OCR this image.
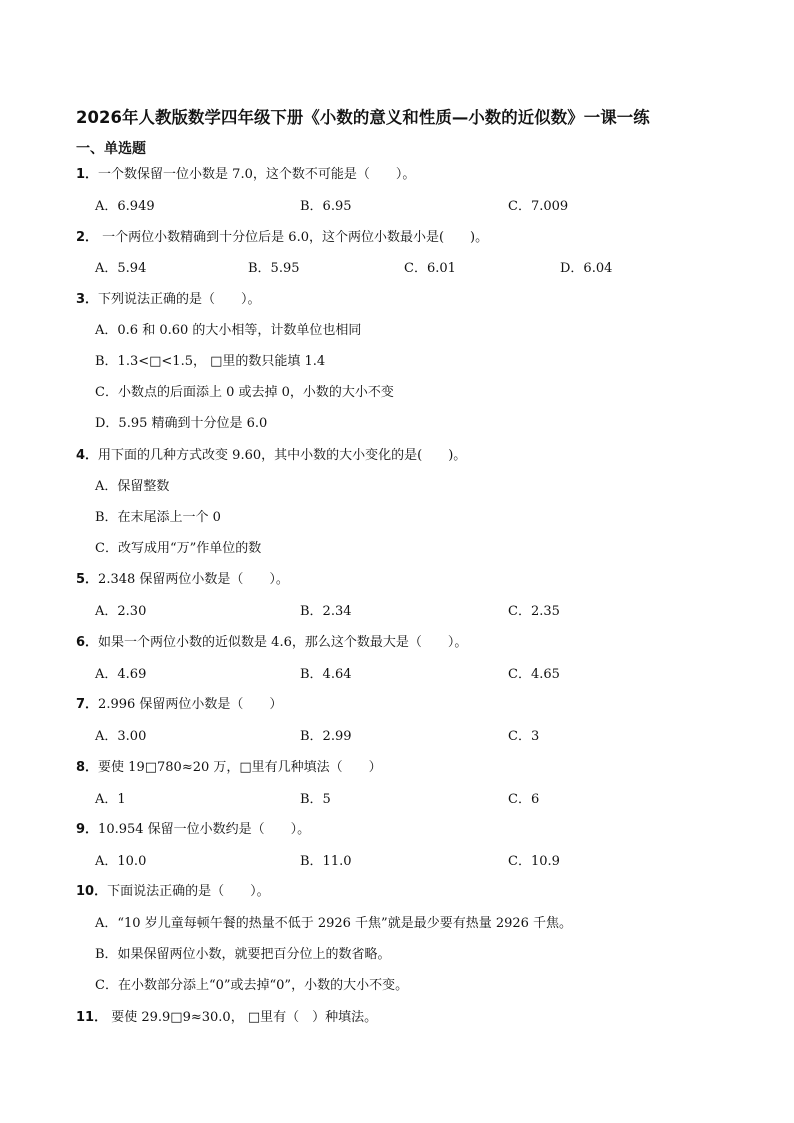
2026年人教版数学四年级下册《小数的意义和性质—小数的近似数》一课一练
一、单选题
1．一个数保留一位小数是 7.0，这个数不可能是（　　）。
A．6.949	B．6.95	C．7.009
2． 一个两位小数精确到十分位后是 6.0，这个两位小数最小是(　　)。
A．5.94	B．5.95	C．6.01	D．6.04
3．下列说法正确的是（　　）。
A．0.6 和 0.60 的大小相等，计数单位也相同
B．1.3<□<1.5， □里的数只能填 1.4
C．小数点的后面添上 0 或去掉 0，小数的大小不变
D．5.95 精确到十分位是 6.0
4．用下面的几种方式改变 9.60，其中小数的大小变化的是(　　)。
A．保留整数
B．在末尾添上一个 0
C．改写成用“万”作单位的数
5．2.348 保留两位小数是（　　）。
A．2.30	B．2.34	C．2.35
6．如果一个两位小数的近似数是 4.6，那么这个数最大是（　　）。
A．4.69	B．4.64	C．4.65
7．2.996 保留两位小数是（　　）
A．3.00	B．2.99	C．3
8．要使 19□780≈20 万，□里有几种填法（　　）
A．1	B．5	C．6
9．10.954 保留一位小数约是（　　）。
A．10.0	B．11.0	C．10.9
10．下面说法正确的是（　　）。
A．“10 岁儿童每顿午餐的热量不低于 2926 千焦”就是最少要有热量 2926 千焦。
B．如果保留两位小数，就要把百分位上的数省略。
C．在小数部分添上“0”或去掉“0”，小数的大小不变。
11． 要使 29.9□9≈30.0， □里有（　）种填法。
